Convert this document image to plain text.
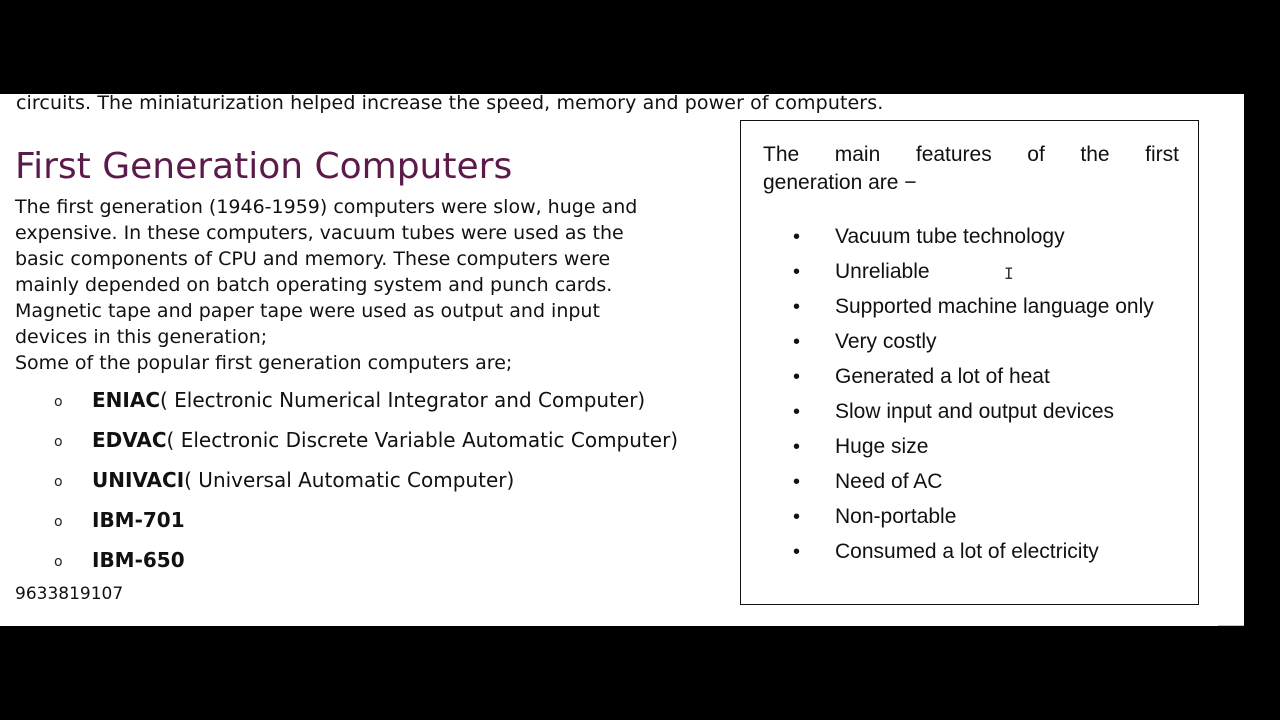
circuits. The miniaturization helped increase the speed, memory and power of computers.
First Generation Computers
The first generation (1946-1959) computers were slow, huge and
expensive. In these computers, vacuum tubes were used as the
basic components of CPU and memory. These computers were
mainly depended on batch operating system and punch cards.
Magnetic tape and paper tape were used as output and input
devices in this generation;
Some of the popular first generation computers are;
o	ENIAC ( Electronic Numerical Integrator and Computer)
o	EDVAC ( Electronic Discrete Variable Automatic Computer)
o	UNIVACI ( Universal Automatic Computer)
o	IBM-701
o	IBM-650
9633819107
The main features of the first
generation are −
• Vacuum tube technology
• Unreliable
• Supported machine language only
• Very costly
• Generated a lot of heat
• Slow input and output devices
• Huge size
• Need of AC
• Non-portable
• Consumed a lot of electricity
I
